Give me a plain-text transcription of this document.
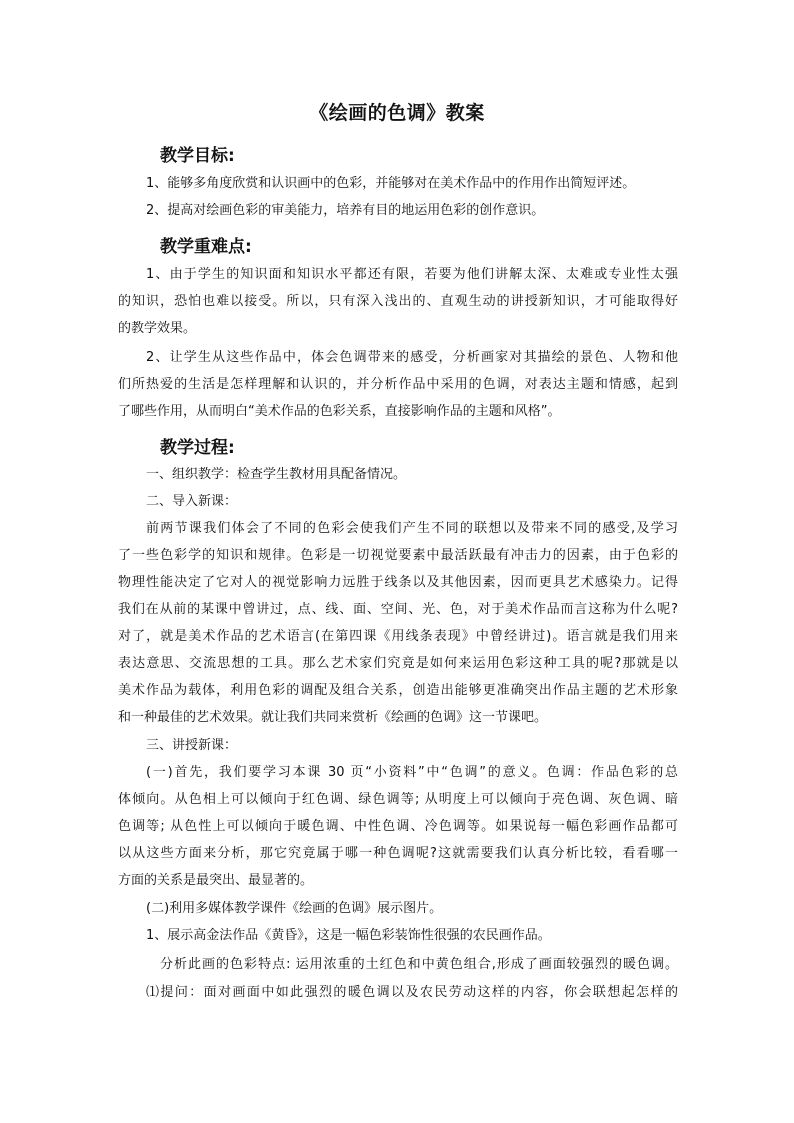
《绘画的色调》教案
教学目标:
1、能够多角度欣赏和认识画中的色彩，并能够对在美术作品中的作用作出简短评述。
2、提高对绘画色彩的审美能力，培养有目的地运用色彩的创作意识。
教学重难点:
1、由于学生的知识面和知识水平都还有限，若要为他们讲解太深、太难或专业性太强
的知识，恐怕也难以接受。所以，只有深入浅出的、直观生动的讲授新知识，才可能取得好
的教学效果。
2、让学生从这些作品中，体会色调带来的感受，分析画家对其描绘的景色、人物和他
们所热爱的生活是怎样理解和认识的，并分析作品中采用的色调，对表达主题和情感，起到
了哪些作用，从而明白“美术作品的色彩关系，直接影响作品的主题和风格”。
教学过程:
一、组织教学：检查学生教材用具配备情况。
二、导入新课：
前两节课我们体会了不同的色彩会使我们产生不同的联想以及带来不同的感受,及学习
了一些色彩学的知识和规律。色彩是一切视觉要素中最活跃最有冲击力的因素，由于色彩的
物理性能决定了它对人的视觉影响力远胜于线条以及其他因素，因而更具艺术感染力。记得
我们在从前的某课中曾讲过，点、线、面、空间、光、色，对于美术作品而言这称为什么呢?
对了，就是美术作品的艺术语言(在第四课《用线条表现》中曾经讲过)。语言就是我们用来
表达意思、交流思想的工具。那么艺术家们究竟是如何来运用色彩这种工具的呢?那就是以
美术作品为载体，利用色彩的调配及组合关系，创造出能够更准确突出作品主题的艺术形象
和一种最佳的艺术效果。就让我们共同来赏析《绘画的色调》这一节课吧。
三、讲授新课：
(一)首先，我们要学习本课 30 页“小资料”中“色调”的意义。色调：作品色彩的总
体倾向。从色相上可以倾向于红色调、绿色调等; 从明度上可以倾向于亮色调、灰色调、暗
色调等; 从色性上可以倾向于暖色调、中性色调、冷色调等。如果说每一幅色彩画作品都可
以从这些方面来分析，那它究竟属于哪一种色调呢?这就需要我们认真分析比较，看看哪一
方面的关系是最突出、最显著的。
(二)利用多媒体教学课件《绘画的色调》展示图片。
1、展示高金法作品《黄昏》，这是一幅色彩装饰性很强的农民画作品。
分析此画的色彩特点: 运用浓重的土红色和中黄色组合,形成了画面较强烈的暖色调。
⑴提问：面对画面中如此强烈的暖色调以及农民劳动这样的内容，你会联想起怎样的
